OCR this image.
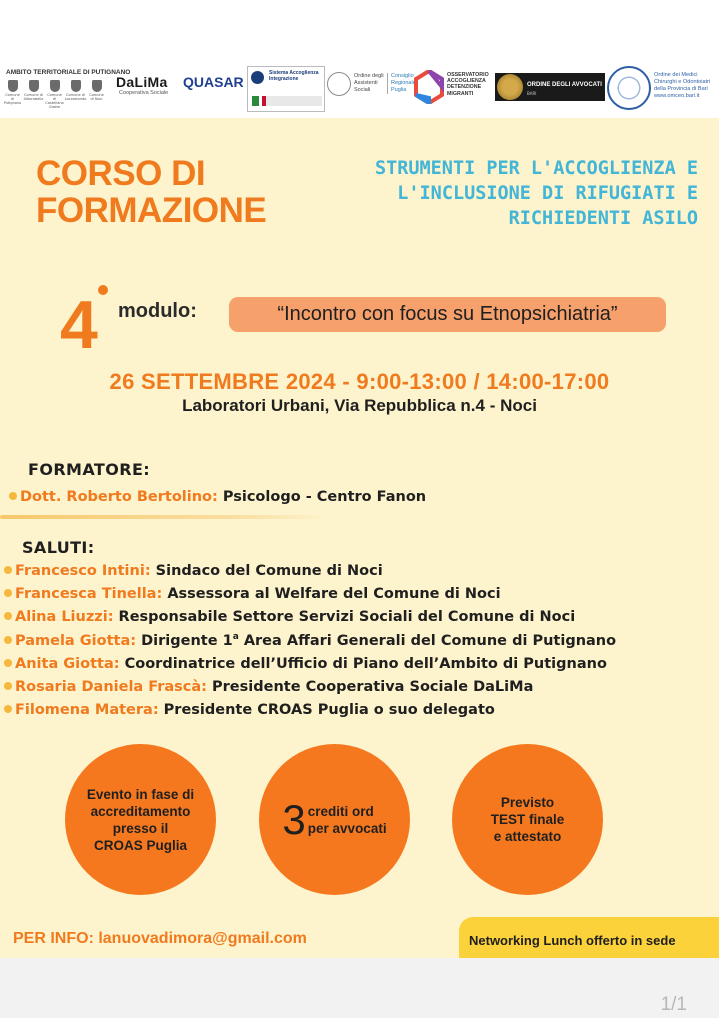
AMBITO TERRITORIALE DI PUTIGNANO
Comune di Putignano
Comune di Alberobello
Comune di Castellana Grotte
Comune di Locorotondo
Comune di Noci
DaLiMa
Cooperativa Sociale
QUASAR
Sistema Accoglienza Integrazione	Ordine degli Assistenti Sociali
Consiglio Regionale Puglia
OSSERVATORIO ACCOGLIENZA DETENZIONE MIGRANTI
ORDINE DEGLI AVVOCATI
BARI
Ordine dei Medici Chirurghi e Odontoiatri della Provincia di Bari
www.omceo.bari.it
CORSO DI
FORMAZIONE
STRUMENTI PER L'ACCOGLIENZA E
L'INCLUSIONE DI RIFUGIATI E
RICHIEDENTI ASILO
4 modulo:	“Incontro con focus su Etnopsichiatria”
26 SETTEMBRE 2024 - 9:00-13:00 / 14:00-17:00
Laboratori Urbani, Via Repubblica n.4 - Noci
FORMATORE:
Dott. Roberto Bertolino: Psicologo - Centro Fanon
SALUTI:
Francesco Intini: Sindaco del Comune di Noci
Francesca Tinella: Assessora al Welfare del Comune di Noci
Alina Liuzzi: Responsabile Settore Servizi Sociali del Comune di Noci
Pamela Giotta: Dirigente 1$^a$ Area Affari Generali del Comune di Putignano
Anita Giotta: Coordinatrice dell’Ufficio di Piano dell’Ambito di Putignano
Rosaria Daniela Frascà: Presidente Cooperativa Sociale DaLiMa
Filomena Matera: Presidente CROAS Puglia o suo delegato
Evento in fase di
accreditamento
presso il
CROAS Puglia
3 crediti ord
per avvocati
Previsto
TEST finale
e attestato
PER INFO: lanuovadimora@gmail.com	Networking Lunch offerto in sede
1/1
